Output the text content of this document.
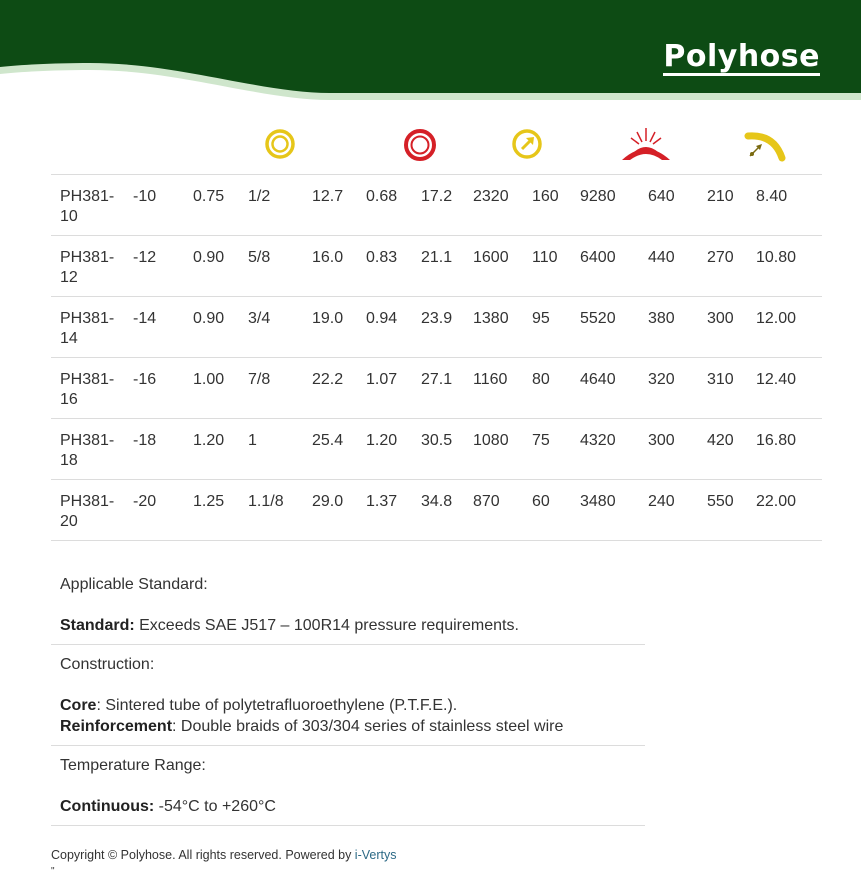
Polyhose
PH381-
10	-10	0.75	1/2	12.7	0.68	17.2	2320	160	9280	640	210	8.40
PH381-
12	-12	0.90	5/8	16.0	0.83	21.1	1600	110	6400	440	270	10.80
PH381-
14	-14	0.90	3/4	19.0	0.94	23.9	1380	95	5520	380	300	12.00
PH381-
16	-16	1.00	7/8	22.2	1.07	27.1	1160	80	4640	320	310	12.40
PH381-
18	-18	1.20	1	25.4	1.20	30.5	1080	75	4320	300	420	16.80
PH381-
20	-20	1.25	1.1/8	29.0	1.37	34.8	870	60	3480	240	550	22.00
Applicable Standard:
Standard: Exceeds SAE J517 – 100R14 pressure requirements.
Construction:
Core: Sintered tube of polytetrafluoroethylene (P.T.F.E.).
Reinforcement: Double braids of 303/304 series of stainless steel wire
Temperature Range:
Continuous: -54°C to +260°C
Copyright © Polyhose. All rights reserved. Powered by i-Vertys
"
